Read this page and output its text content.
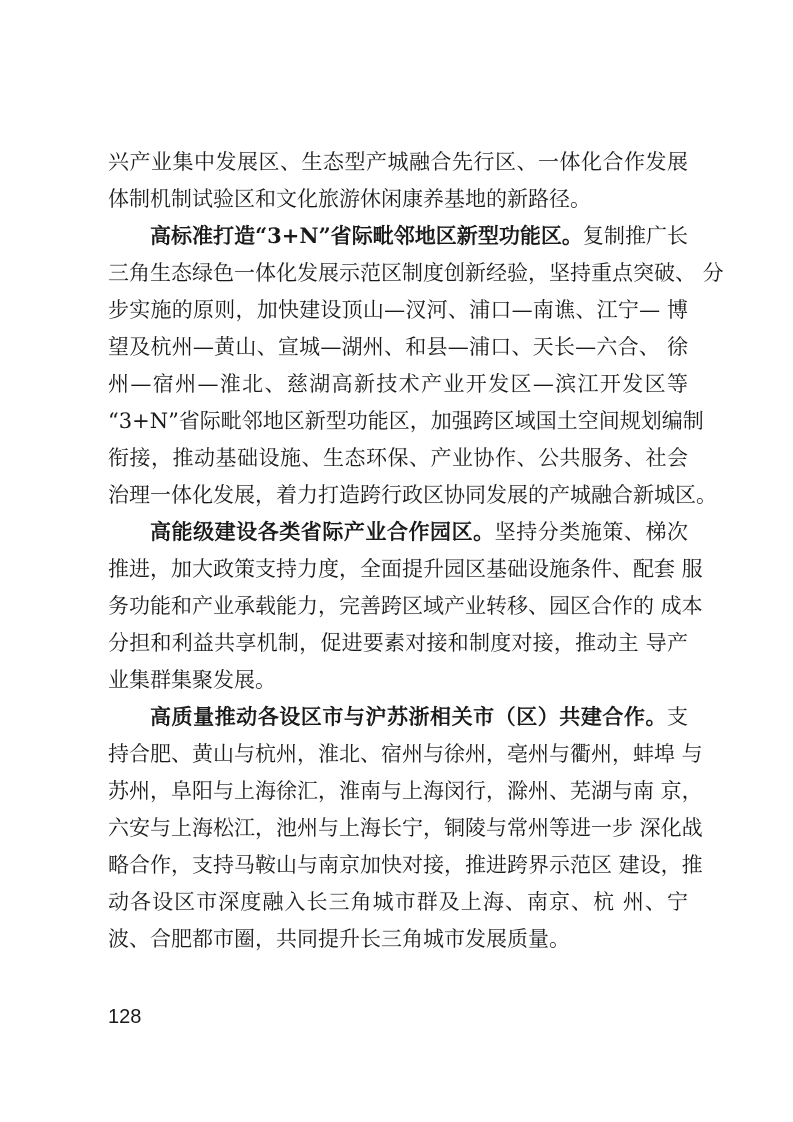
兴产业集中发展区、生态型产城融合先行区、一体化合作发展
体制机制试验区和文化旅游休闲康养基地的新路径。
高标准打造“3+N”省际毗邻地区新型功能区。复制推广长
三角生态绿色一体化发展示范区制度创新经验，坚持重点突破、 分
步实施的原则，加快建设顶山—汊河、浦口—南谯、江宁— 博
望及杭州—黄山、宣城—湖州、和县—浦口、天长—六合、 徐
州—宿州—淮北、慈湖高新技术产业开发区—滨江开发区等
“3+N”省际毗邻地区新型功能区，加强跨区域国土空间规划编制
衔接，推动基础设施、生态环保、产业协作、公共服务、社会
治理一体化发展，着力打造跨行政区协同发展的产城融合新城区。
高能级建设各类省际产业合作园区。坚持分类施策、梯次
推进，加大政策支持力度，全面提升园区基础设施条件、配套 服
务功能和产业承载能力，完善跨区域产业转移、园区合作的 成本
分担和利益共享机制，促进要素对接和制度对接，推动主 导产
业集群集聚发展。
高质量推动各设区市与沪苏浙相关市（区）共建合作。支
持合肥、黄山与杭州，淮北、宿州与徐州，亳州与衢州，蚌埠 与
苏州，阜阳与上海徐汇，淮南与上海闵行，滁州、芜湖与南 京，
六安与上海松江，池州与上海长宁，铜陵与常州等进一步 深化战
略合作，支持马鞍山与南京加快对接，推进跨界示范区 建设，推
动各设区市深度融入长三角城市群及上海、南京、杭 州、宁
波、合肥都市圈，共同提升长三角城市发展质量。
128
